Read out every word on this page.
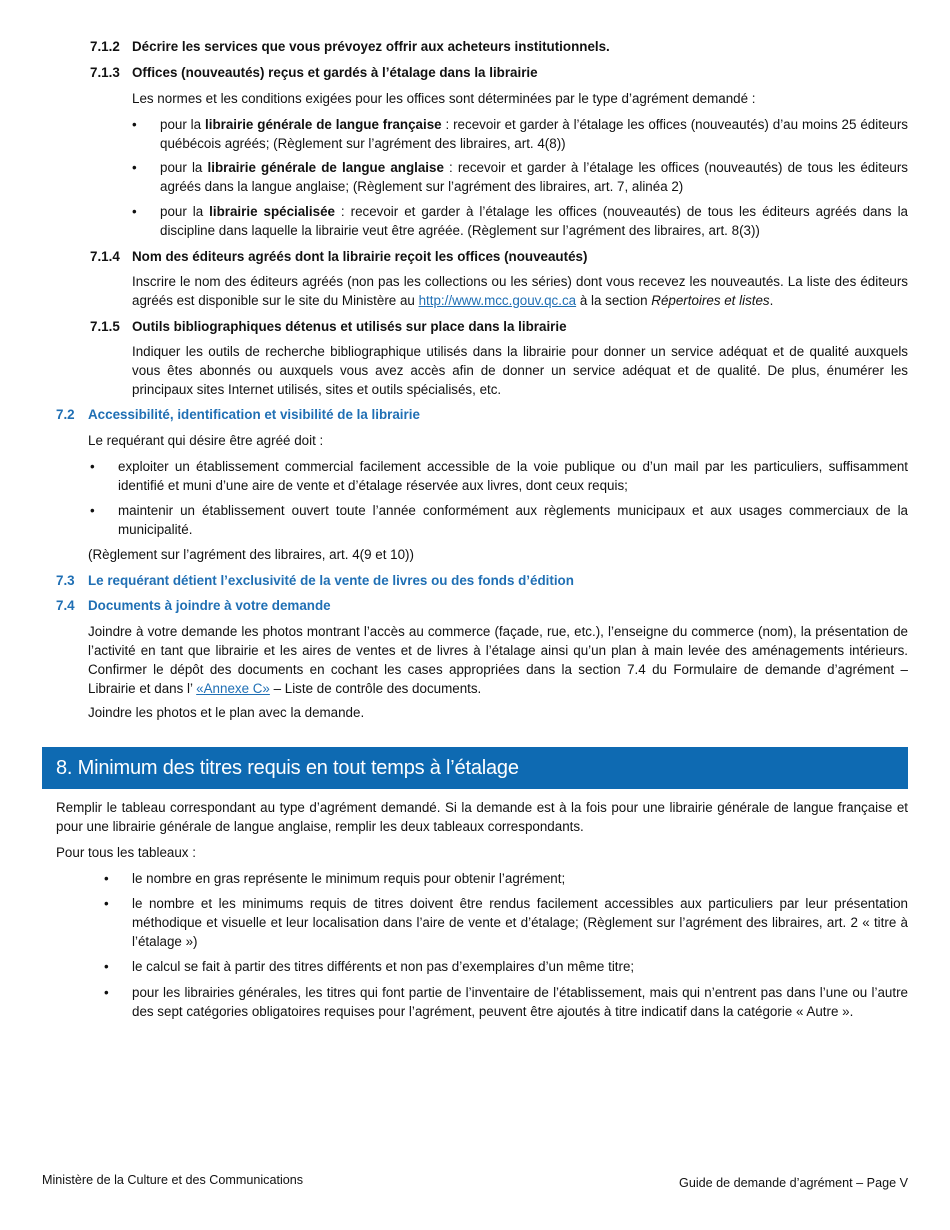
7.1.2 Décrire les services que vous prévoyez offrir aux acheteurs institutionnels.
7.1.3 Offices (nouveautés) reçus et gardés à l’étalage dans la librairie

Les normes et les conditions exigées pour les offices sont déterminées par le type d’agrément demandé :

• pour la librairie générale de langue française : recevoir et garder à l’étalage les offices (nouveautés) d’au moins 25 éditeurs québécois agréés; (Règlement sur l’agrément des libraires, art. 4(8))
• pour la librairie générale de langue anglaise : recevoir et garder à l’étalage les offices (nouveautés) de tous les éditeurs agréés dans la langue anglaise; (Règlement sur l’agrément des libraires, art. 7, alinéa 2)
• pour la librairie spécialisée : recevoir et garder à l’étalage les offices (nouveautés) de tous les éditeurs agréés dans la discipline dans laquelle la librairie veut être agréée. (Règlement sur l’agrément des libraires, art. 8(3))
7.1.4 Nom des éditeurs agréés dont la librairie reçoit les offices (nouveautés)

Inscrire le nom des éditeurs agréés (non pas les collections ou les séries) dont vous recevez les nouveautés. La liste des éditeurs agréés est disponible sur le site du Ministère au http://www.mcc.gouv.qc.ca à la section Répertoires et listes.

7.1.5 Outils bibliographiques détenus et utilisés sur place dans la librairie

Indiquer les outils de recherche bibliographique utilisés dans la librairie pour donner un service adéquat et de qualité auxquels vous êtes abonnés ou auxquels vous avez accès afin de donner un service adéquat et de qualité. De plus, énumérer les principaux sites Internet utilisés, sites et outils spécialisés, etc.

7.2 Accessibilité, identification et visibilité de la librairie

Le requérant qui désire être agréé doit :

• exploiter un établissement commercial facilement accessible de la voie publique ou d’un mail par les particuliers, suffisamment identifié et muni d’une aire de vente et d’étalage réservée aux livres, dont ceux requis;
• maintenir un établissement ouvert toute l’année conformément aux règlements municipaux et aux usages commerciaux de la municipalité.

(Règlement sur l’agrément des libraires, art. 4(9 et 10))

7.3 Le requérant détient l’exclusivité de la vente de livres ou des fonds d’édition
7.4 Documents à joindre à votre demande

Joindre à votre demande les photos montrant l’accès au commerce (façade, rue, etc.), l’enseigne du commerce (nom), la présentation de l’activité en tant que librairie et les aires de ventes et de livres à l’étalage ainsi qu’un plan à main levée des aménagements intérieurs. Confirmer le dépôt des documents en cochant les cases appropriées dans la section 7.4 du Formulaire de demande d’agrément – Librairie et dans l’ «Annexe C» – Liste de contrôle des documents.

Joindre les photos et le plan avec la demande.

8. Minimum des titres requis en tout temps à l’étalage

Remplir le tableau correspondant au type d’agrément demandé. Si la demande est à la fois pour une librairie générale de langue française et pour une librairie générale de langue anglaise, remplir les deux tableaux correspondants.

Pour tous les tableaux :

• le nombre en gras représente le minimum requis pour obtenir l’agrément;
• le nombre et les minimums requis de titres doivent être rendus facilement accessibles aux particuliers par leur présentation méthodique et visuelle et leur localisation dans l’aire de vente et d’étalage; (Règlement sur l’agrément des libraires, art. 2 « titre à l’étalage »)
• le calcul se fait à partir des titres différents et non pas d’exemplaires d’un même titre;
• pour les librairies générales, les titres qui font partie de l’inventaire de l’établissement, mais qui n’entrent pas dans l’une ou l’autre des sept catégories obligatoires requises pour l’agrément, peuvent être ajoutés à titre indicatif dans la catégorie « Autre ».
Ministère de la Culture et des Communications	Guide de demande d’agrément – Page V
